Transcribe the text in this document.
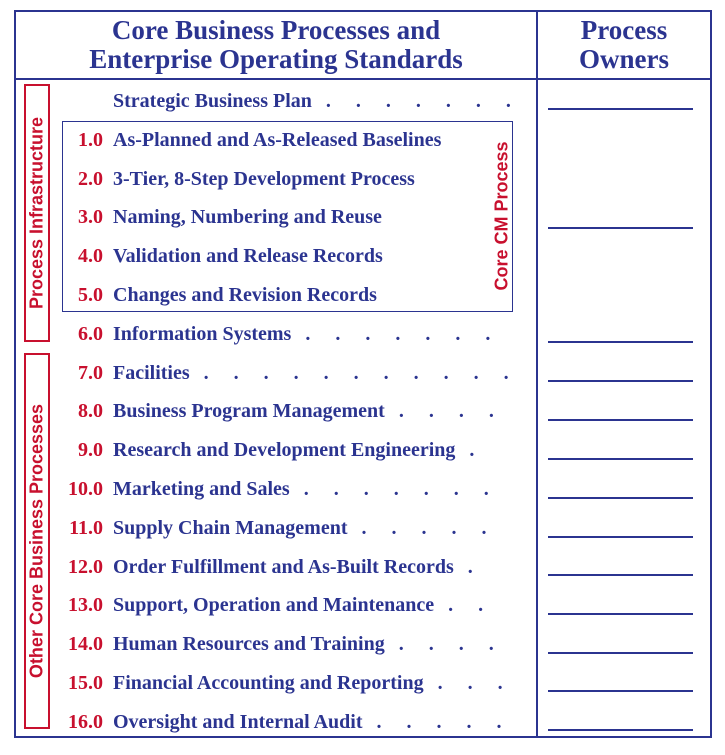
Core Business Processes and
Enterprise Operating Standards
Process
Owners
Process Infrastructure
Other Core Business Processes
Core CM Process
Strategic Business Plan . . . . . . .
1.0 As-Planned and As-Released Baselines
2.0 3-Tier, 8-Step Development Process
3.0 Naming, Numbering and Reuse
4.0 Validation and Release Records
5.0 Changes and Revision Records
6.0 Information Systems . . . . . . .
7.0 Facilities . . . . . . . . . . .
8.0 Business Program Management . . . .
9.0 Research and Development Engineering .
10.0 Marketing and Sales . . . . . . .
11.0 Supply Chain Management . . . . .
12.0 Order Fulfillment and As-Built Records .
13.0 Support, Operation and Maintenance . .
14.0 Human Resources and Training . . . .
15.0 Financial Accounting and Reporting . . .
16.0 Oversight and Internal Audit . . . . .
